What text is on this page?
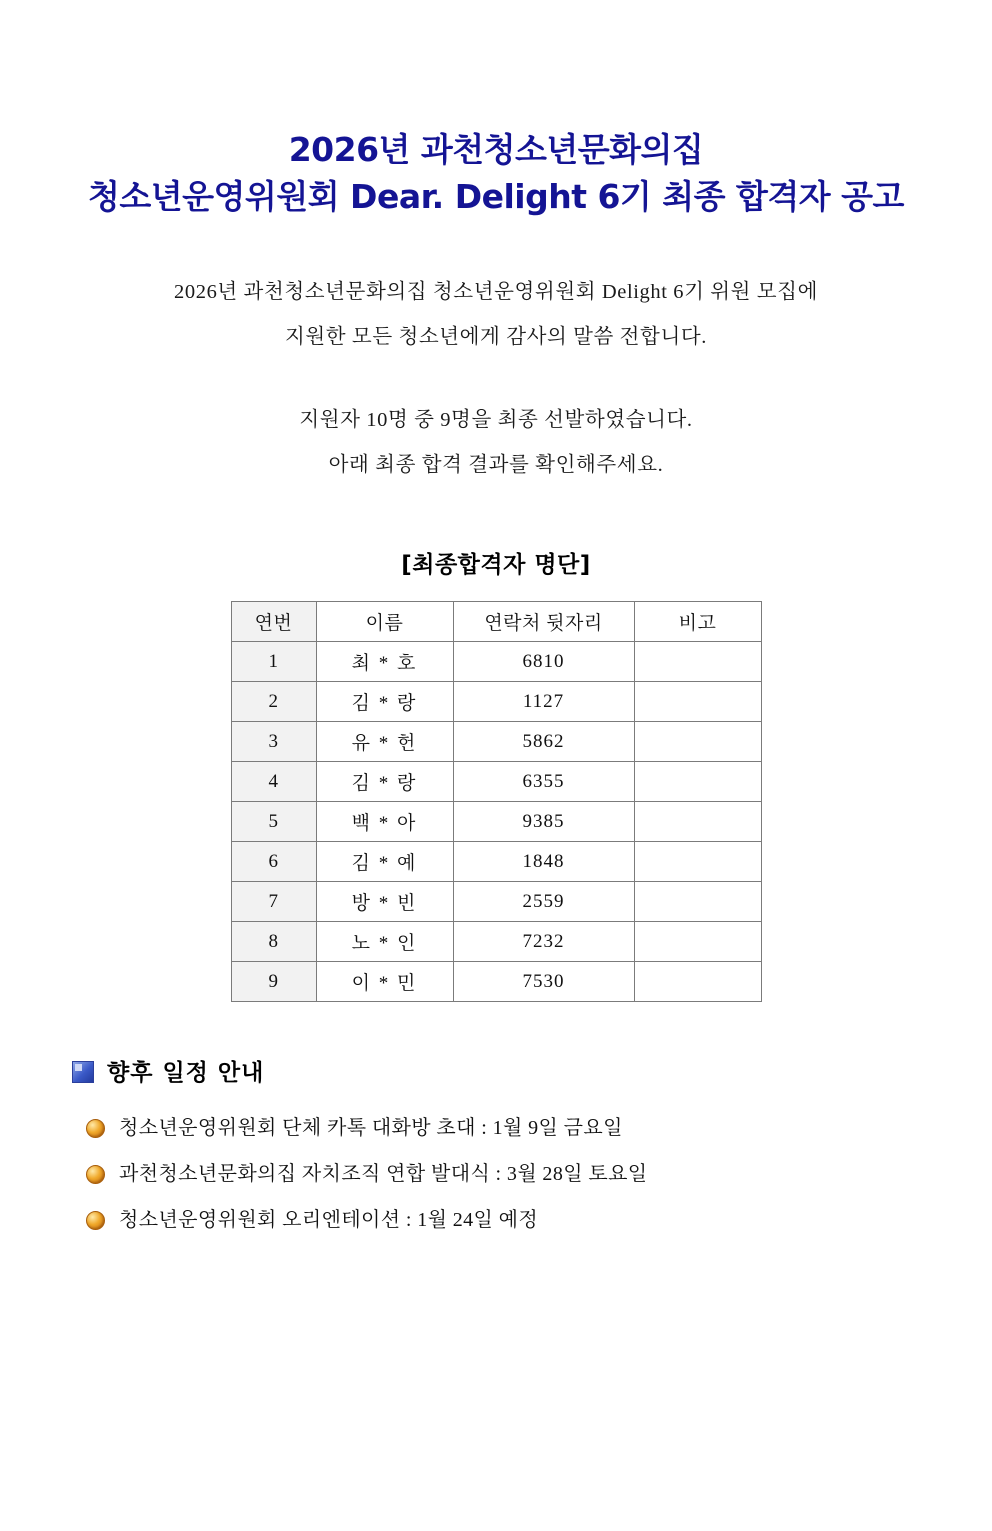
2026년 과천청소년문화의집
청소년운영위원회 Dear. Delight 6기 최종 합격자 공고

2026년 과천청소년문화의집 청소년운영위원회 Delight 6기 위원 모집에

지원한 모든 청소년에게 감사의 말씀 전합니다.

지원자 10명 중 9명을 최종 선발하였습니다.

아래 최종 합격 결과를 확인해주세요.

[최종합격자 명단]
연번	이름	연락처 뒷자리	비고
1	최 * 호	6810	
2	김 * 랑	1127	
3	유 * 헌	5862	
4	김 * 랑	6355	
5	백 * 아	9385	
6	김 * 예	1848	
7	방 * 빈	2559	
8	노 * 인	7232	
9	이 * 민	7530	
향후 일정 안내
청소년운영위원회 단체 카톡 대화방 초대 : 1월 9일 금요일
과천청소년문화의집 자치조직 연합 발대식 : 3월 28일 토요일
청소년운영위원회 오리엔테이션 : 1월 24일 예정
